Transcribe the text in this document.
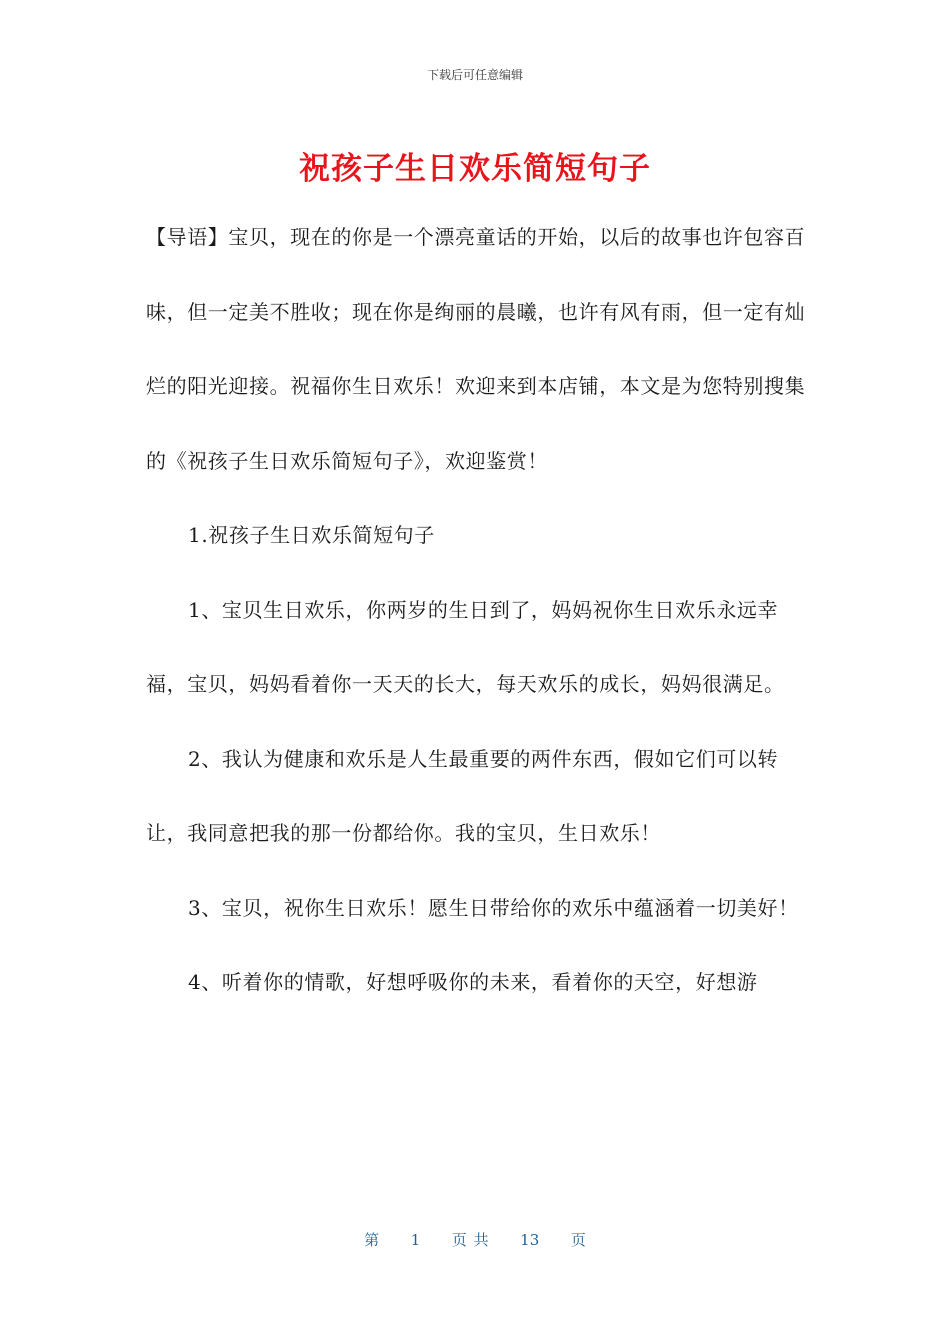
下载后可任意编辑
祝孩子生日欢乐简短句子

【导语】宝贝，现在的你是一个漂亮童话的开始，以后的故事也许包容百味，但一定美不胜收；现在你是绚丽的晨曦，也许有风有雨，但一定有灿烂的阳光迎接。祝福你生日欢乐！欢迎来到本店铺，本文是为您特别搜集的《祝孩子生日欢乐简短句子》，欢迎鉴赏！

1.祝孩子生日欢乐简短句子

1、宝贝生日欢乐，你两岁的生日到了，妈妈祝你生日欢乐永远幸福，宝贝，妈妈看着你一天天的长大，每天欢乐的成长，妈妈很满足。

2、我认为健康和欢乐是人生最重要的两件东西，假如它们可以转让，我同意把我的那一份都给你。我的宝贝，生日欢乐！

3、宝贝，祝你生日欢乐！愿生日带给你的欢乐中蕴涵着一切美好！

4、听着你的情歌，好想呼吸你的未来，看着你的天空，好想游

第 1 页 共 13 页
